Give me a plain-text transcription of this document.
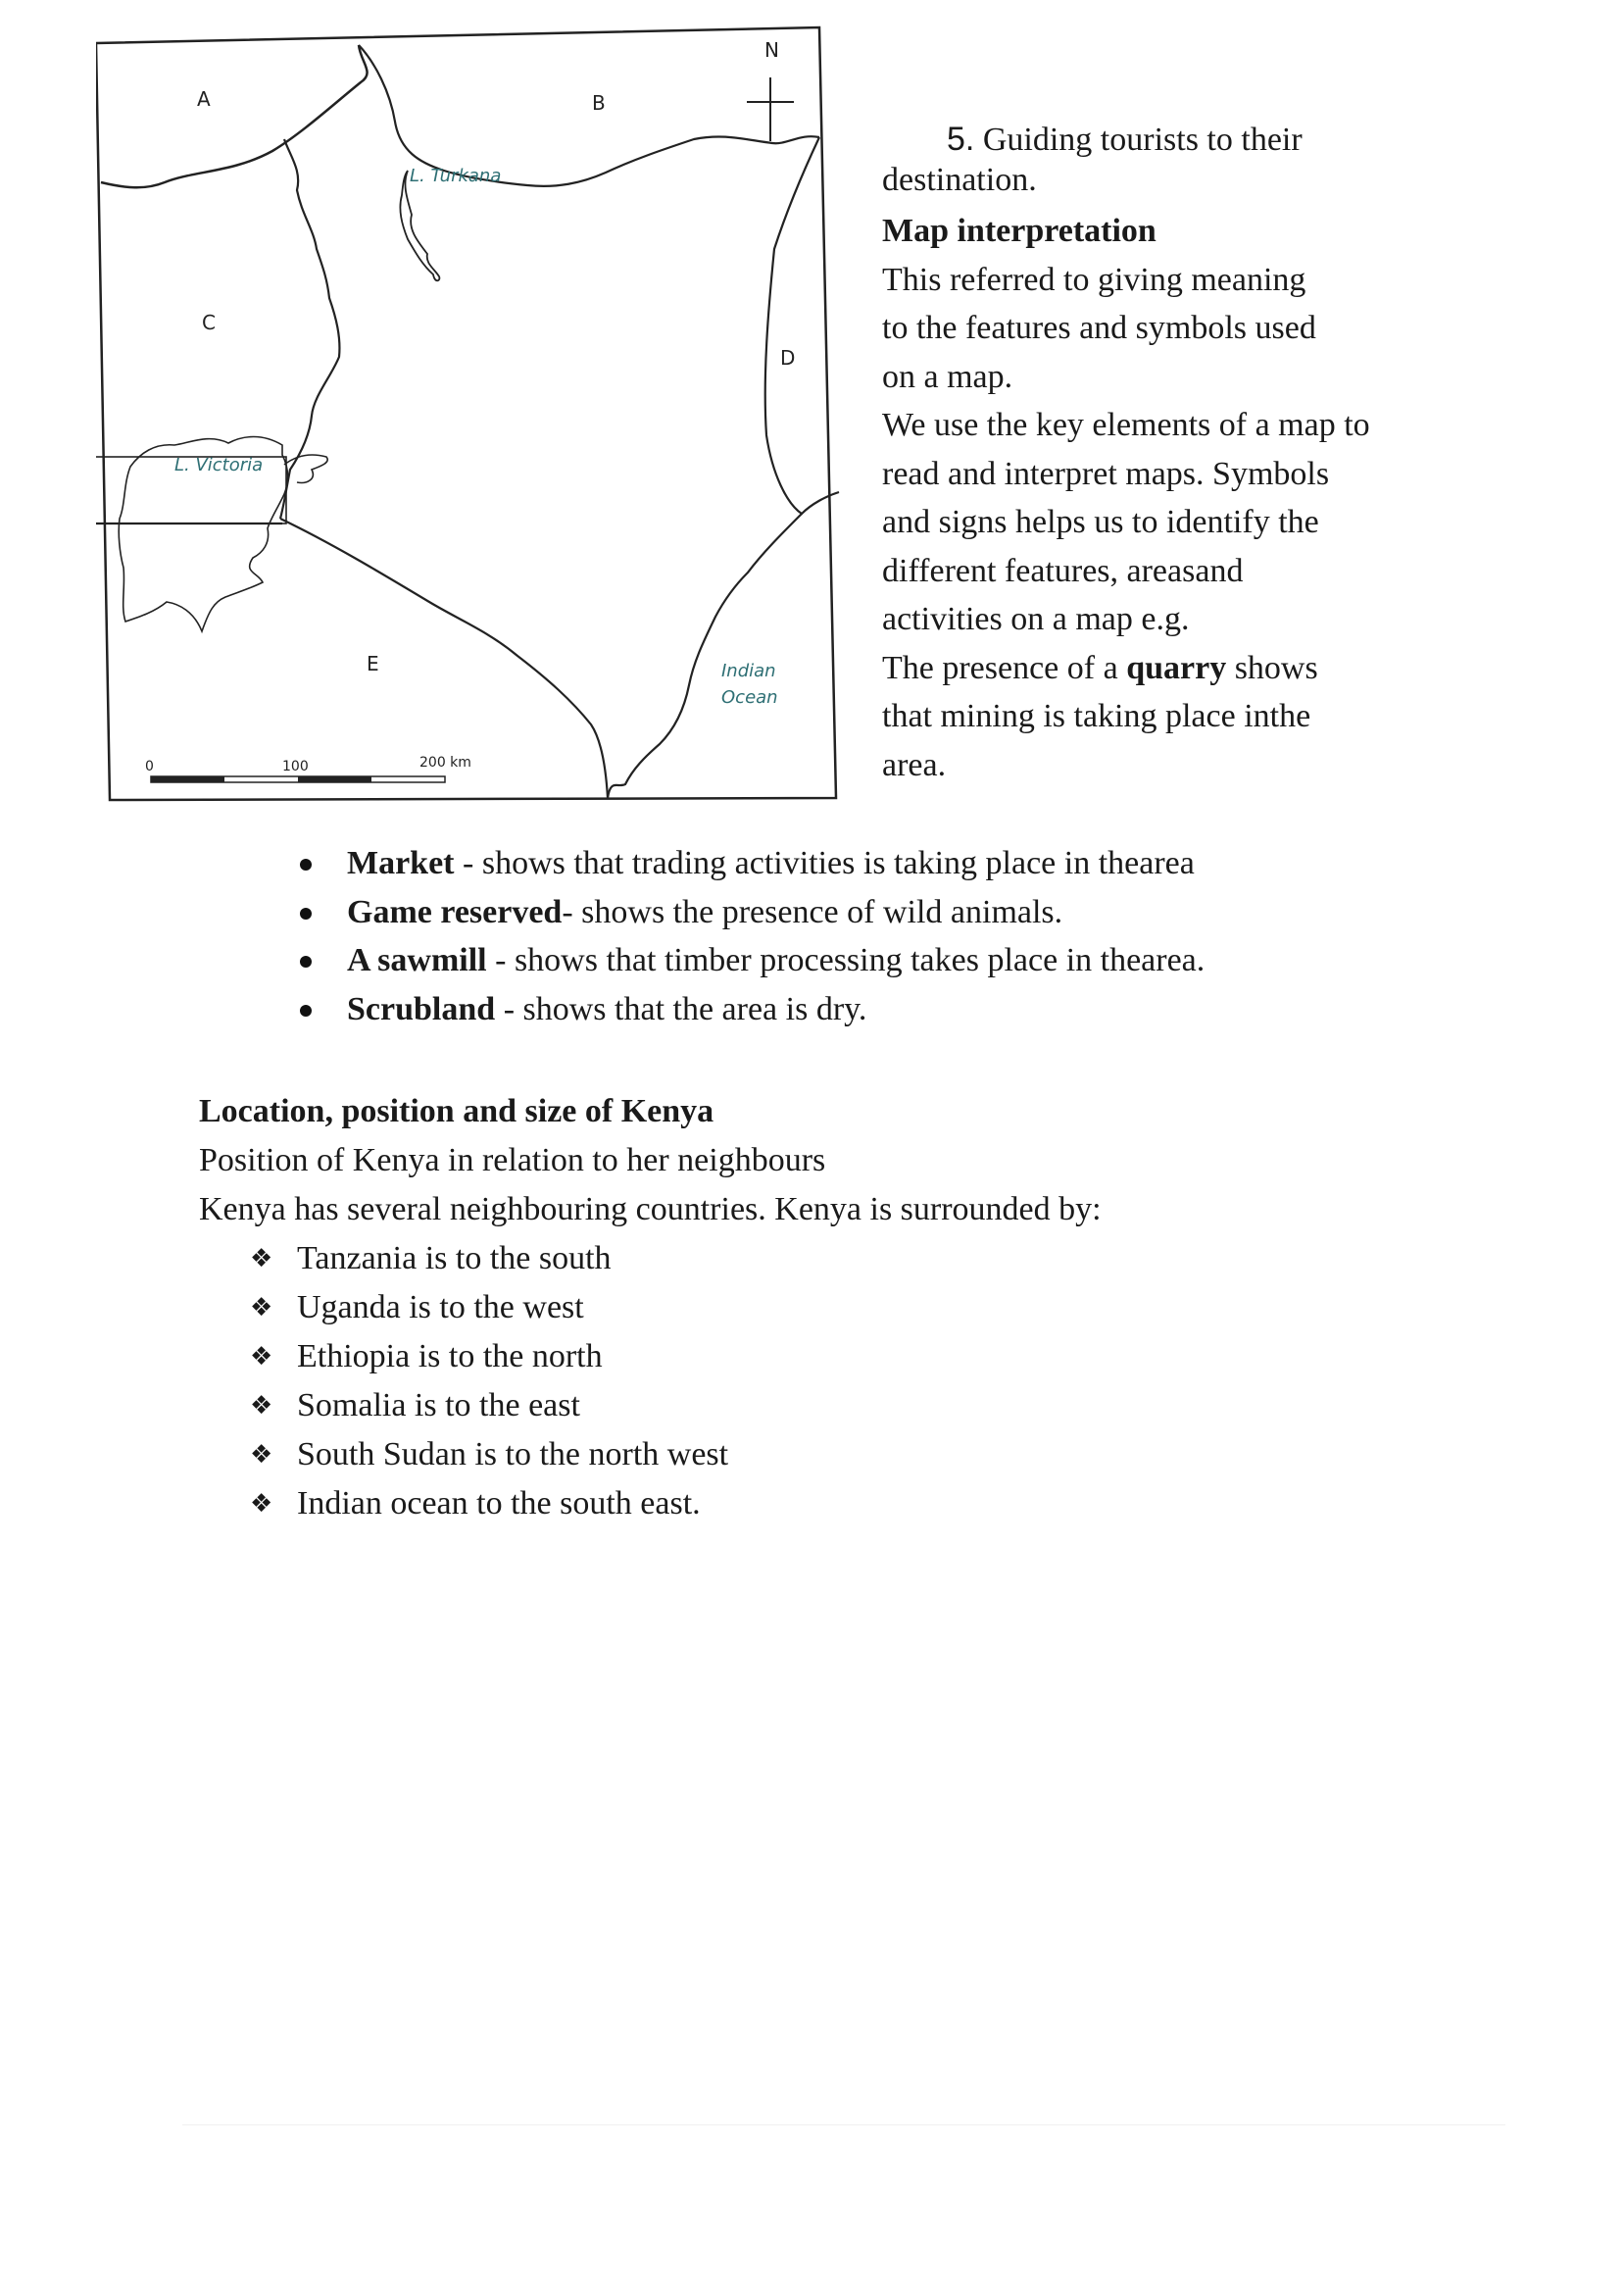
N
A	B
C
D
E
L. Turkana
L. Victoria
Indian
Ocean
0	100	200 km

5. Guiding tourists to their

destination.

Map interpretation

This referred to giving meaning

to the features and symbols used

on a map.

We use the key elements of a map to

read and interpret maps. Symbols

and signs helps us to identify the

different features, areasand

activities on a map e.g.

The presence of a quarry shows

that mining is taking place inthe

area.

Market - shows that trading activities is taking place in thearea
Game reserved- shows the presence of wild animals.
A sawmill - shows that timber processing takes place in thearea.
Scrubland - shows that the area is dry.

Location, position and size of Kenya

Position of Kenya in relation to her neighbours

Kenya has several neighbouring countries. Kenya is surrounded by:

❖ Tanzania is to the south
❖ Uganda is to the west
❖ Ethiopia is to the north
❖ Somalia is to the east
❖ South Sudan is to the north west
❖ Indian ocean to the south east.
